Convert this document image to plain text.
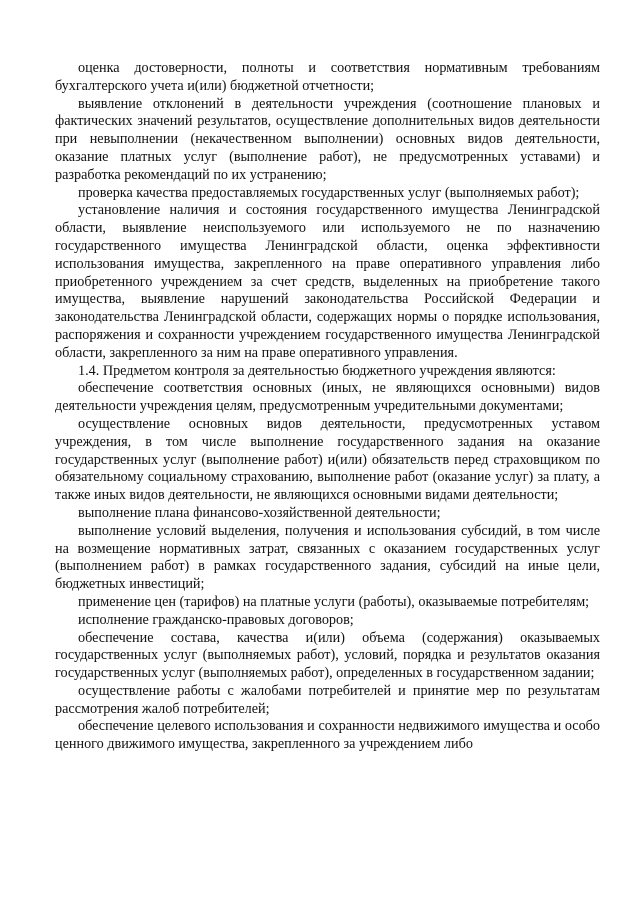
оценка достоверности, полноты и соответствия нормативным требованиям бухгалтерского учета и(или) бюджетной отчетности;

выявление отклонений в деятельности учреждения (соотношение плановых и фактических значений результатов, осуществление дополнительных видов деятельности при невыполнении (некачественном выполнении) основных видов деятельности, оказание платных услуг (выполнение работ), не предусмотренных уставами) и разработка рекомендаций по их устранению;

проверка качества предоставляемых государственных услуг (выполняемых работ);

установление наличия и состояния государственного имущества Ленинградской области, выявление неиспользуемого или используемого не по назначению государственного имущества Ленинградской области, оценка эффективности использования имущества, закрепленного на праве оперативного управления либо приобретенного учреждением за счет средств, выделенных на приобретение такого имущества, выявление нарушений законодательства Российской Федерации и законодательства Ленинградской области, содержащих нормы о порядке использования, распоряжения и сохранности учреждением государственного имущества Ленинградской области, закрепленного за ним на праве оперативного управления.

1.4. Предметом контроля за деятельностью бюджетного учреждения являются:

обеспечение соответствия основных (иных, не являющихся основными) видов деятельности учреждения целям, предусмотренным учредительными документами;

осуществление основных видов деятельности, предусмотренных уставом учреждения, в том числе выполнение государственного задания на оказание государственных услуг (выполнение работ) и(или) обязательств перед страховщиком по обязательному социальному страхованию, выполнение работ (оказание услуг) за плату, а также иных видов деятельности, не являющихся основными видами деятельности;

выполнение плана финансово-хозяйственной деятельности;

выполнение условий выделения, получения и использования субсидий, в том числе на возмещение нормативных затрат, связанных с оказанием государственных услуг (выполнением работ) в рамках государственного задания, субсидий на иные цели, бюджетных инвестиций;

применение цен (тарифов) на платные услуги (работы), оказываемые потребителям;

исполнение гражданско-правовых договоров;

обеспечение состава, качества и(или) объема (содержания) оказываемых государственных услуг (выполняемых работ), условий, порядка и результатов оказания государственных услуг (выполняемых работ), определенных в государственном задании;

осуществление работы с жалобами потребителей и принятие мер по результатам рассмотрения жалоб потребителей;

обеспечение целевого использования и сохранности недвижимого имущества и особо ценного движимого имущества, закрепленного за учреждением либо
